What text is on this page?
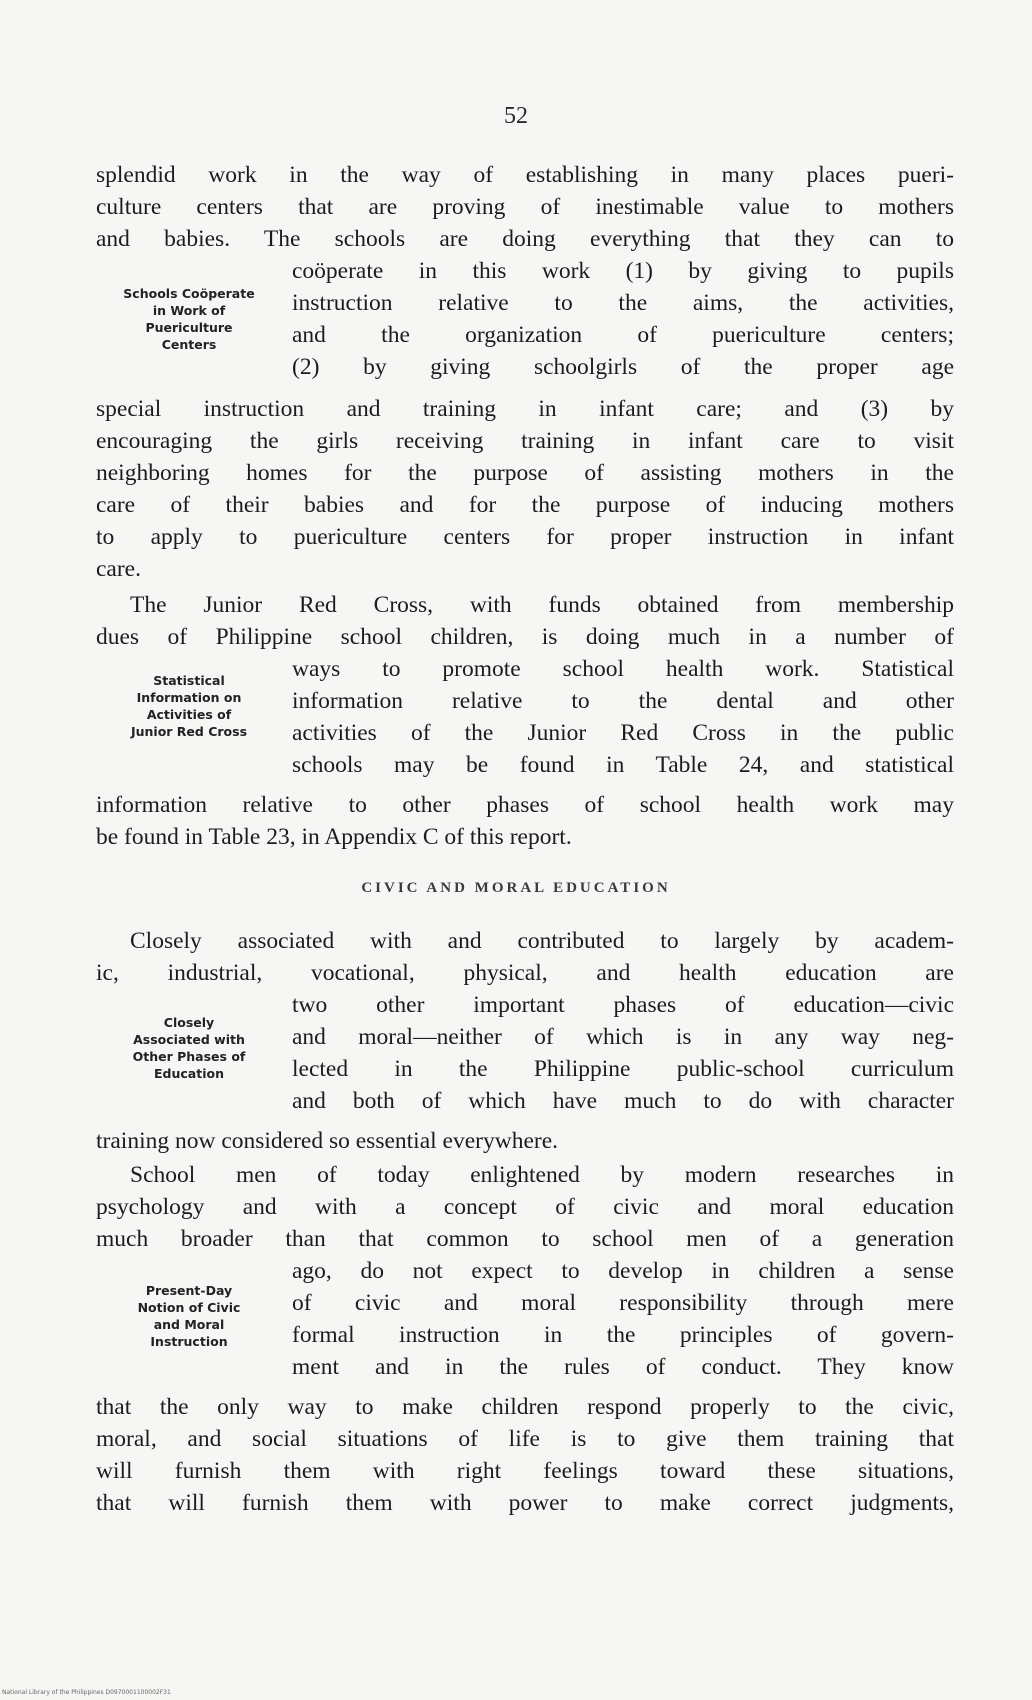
52
splendid work in the way of establishing in many places pueri-
culture centers that are proving of inestimable value to mothers
and babies. The schools are doing everything that they can to
coöperate in this work (1) by giving to pupils
instruction relative to the aims, the activities,
and the organization of puericulture centers;
(2) by giving schoolgirls of the proper age
special instruction and training in infant care; and (3) by
encouraging the girls receiving training in infant care to visit
neighboring homes for the purpose of assisting mothers in the
care of their babies and for the purpose of inducing mothers
to apply to puericulture centers for proper instruction in infant
care.
Schools Coöperate
in Work of
Puericulture
Centers
The Junior Red Cross, with funds obtained from membership
dues of Philippine school children, is doing much in a number of
ways to promote school health work. Statistical
information relative to the dental and other
activities of the Junior Red Cross in the public
schools may be found in Table 24, and statistical
information relative to other phases of school health work may
be found in Table 23, in Appendix C of this report.
Statistical
Information on
Activities of
Junior Red Cross
CIVIC AND MORAL EDUCATION
Closely associated with and contributed to largely by academ-
ic, industrial, vocational, physical, and health education are
two other important phases of education—civic
and moral—neither of which is in any way neg-
lected in the Philippine public-school curriculum
and both of which have much to do with character
training now considered so essential everywhere.
Closely
Associated with
Other Phases of
Education
School men of today enlightened by modern researches in
psychology and with a concept of civic and moral education
much broader than that common to school men of a generation
ago, do not expect to develop in children a sense
of civic and moral responsibility through mere
formal instruction in the principles of govern-
ment and in the rules of conduct. They know
that the only way to make children respond properly to the civic,
moral, and social situations of life is to give them training that
will furnish them with right feelings toward these situations,
that will furnish them with power to make correct judgments,
Present-Day
Notion of Civic
and Moral
Instruction
National Library of the Philippines D0970001100002F31
